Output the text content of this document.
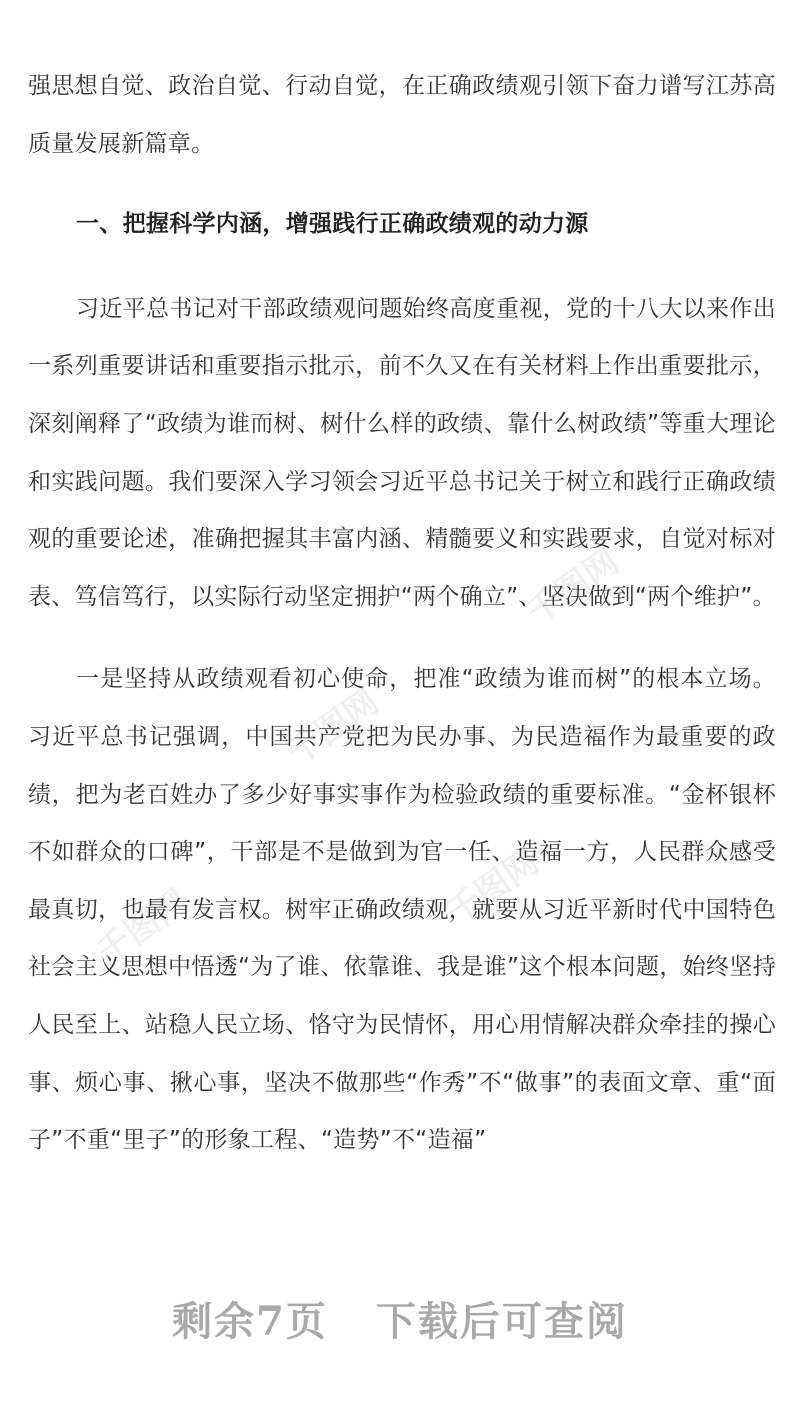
千图网
千图网
千图网
千图网

强思想自觉、政治自觉、行动自觉，在正确政绩观引领下奋力谱写江苏高质量发展新篇章。

一、把握科学内涵，增强践行正确政绩观的动力源

习近平总书记对干部政绩观问题始终高度重视，党的十八大以来作出一系列重要讲话和重要指示批示，前不久又在有关材料上作出重要批示，深刻阐释了“政绩为谁而树、树什么样的政绩、靠什么树政绩”等重大理论和实践问题。我们要深入学习领会习近平总书记关于树立和践行正确政绩观的重要论述，准确把握其丰富内涵、精髓要义和实践要求，自觉对标对表、笃信笃行，以实际行动坚定拥护“两个确立”、坚决做到“两个维护”。

一是坚持从政绩观看初心使命，把准“政绩为谁而树”的根本立场。习近平总书记强调，中国共产党把为民办事、为民造福作为最重要的政绩，把为老百姓办了多少好事实事作为检验政绩的重要标准。“金杯银杯不如群众的口碑”，干部是不是做到为官一任、造福一方，人民群众感受最真切，也最有发言权。树牢正确政绩观，就要从习近平新时代中国特色社会主义思想中悟透“为了谁、依靠谁、我是谁”这个根本问题，始终坚持人民至上、站稳人民立场、恪守为民情怀，用心用情解决群众牵挂的操心事、烦心事、揪心事，坚决不做那些“作秀”不“做事”的表面文章、重“面子”不重“里子”的形象工程、“造势”不“造福”

剩余7页 下载后可查阅
